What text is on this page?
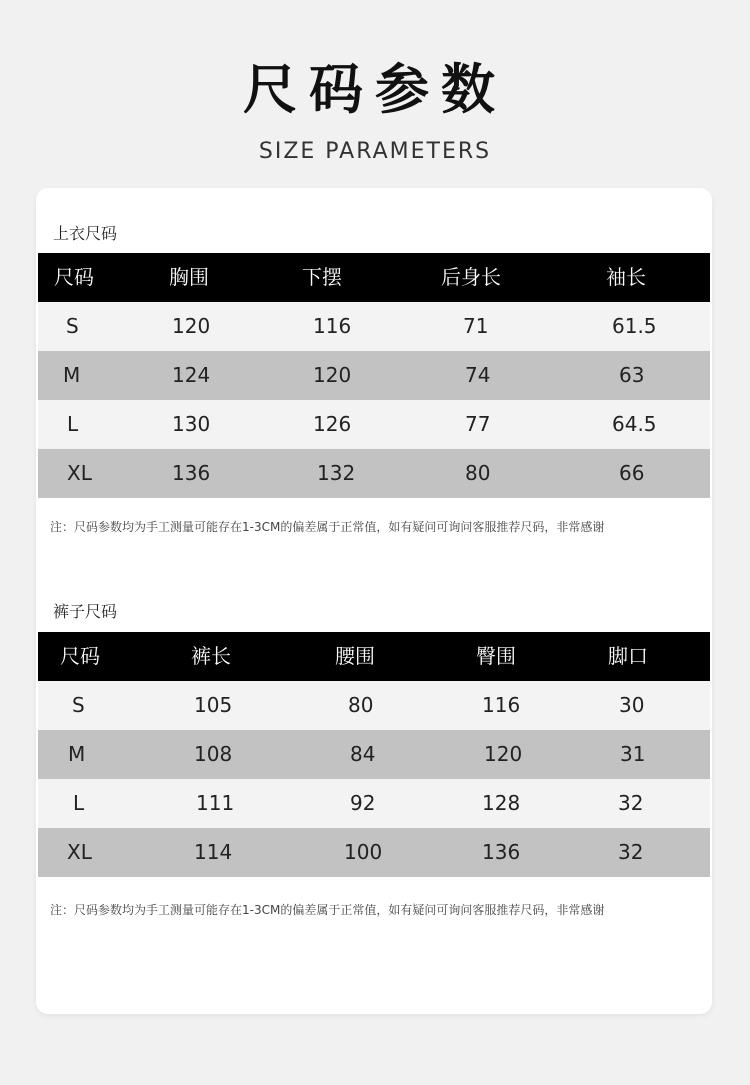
尺码参数
SIZE PARAMETERS
上衣尺码
尺码	胸围	下摆	后身长	袖长
S	120	116	71	61.5
M	124	120	74	63
L	130	126	77	64.5
XL	136	132	80	66
注：尺码参数均为手工测量可能存在1-3CM的偏差属于正常值，如有疑问可询问客服推荐尺码，非常感谢
裤子尺码
尺码	裤长	腰围	臀围	脚口
S	105	80	116	30
M	108	84	120	31
L	111	92	128	32
XL	114	100	136	32
注：尺码参数均为手工测量可能存在1-3CM的偏差属于正常值，如有疑问可询问客服推荐尺码，非常感谢
